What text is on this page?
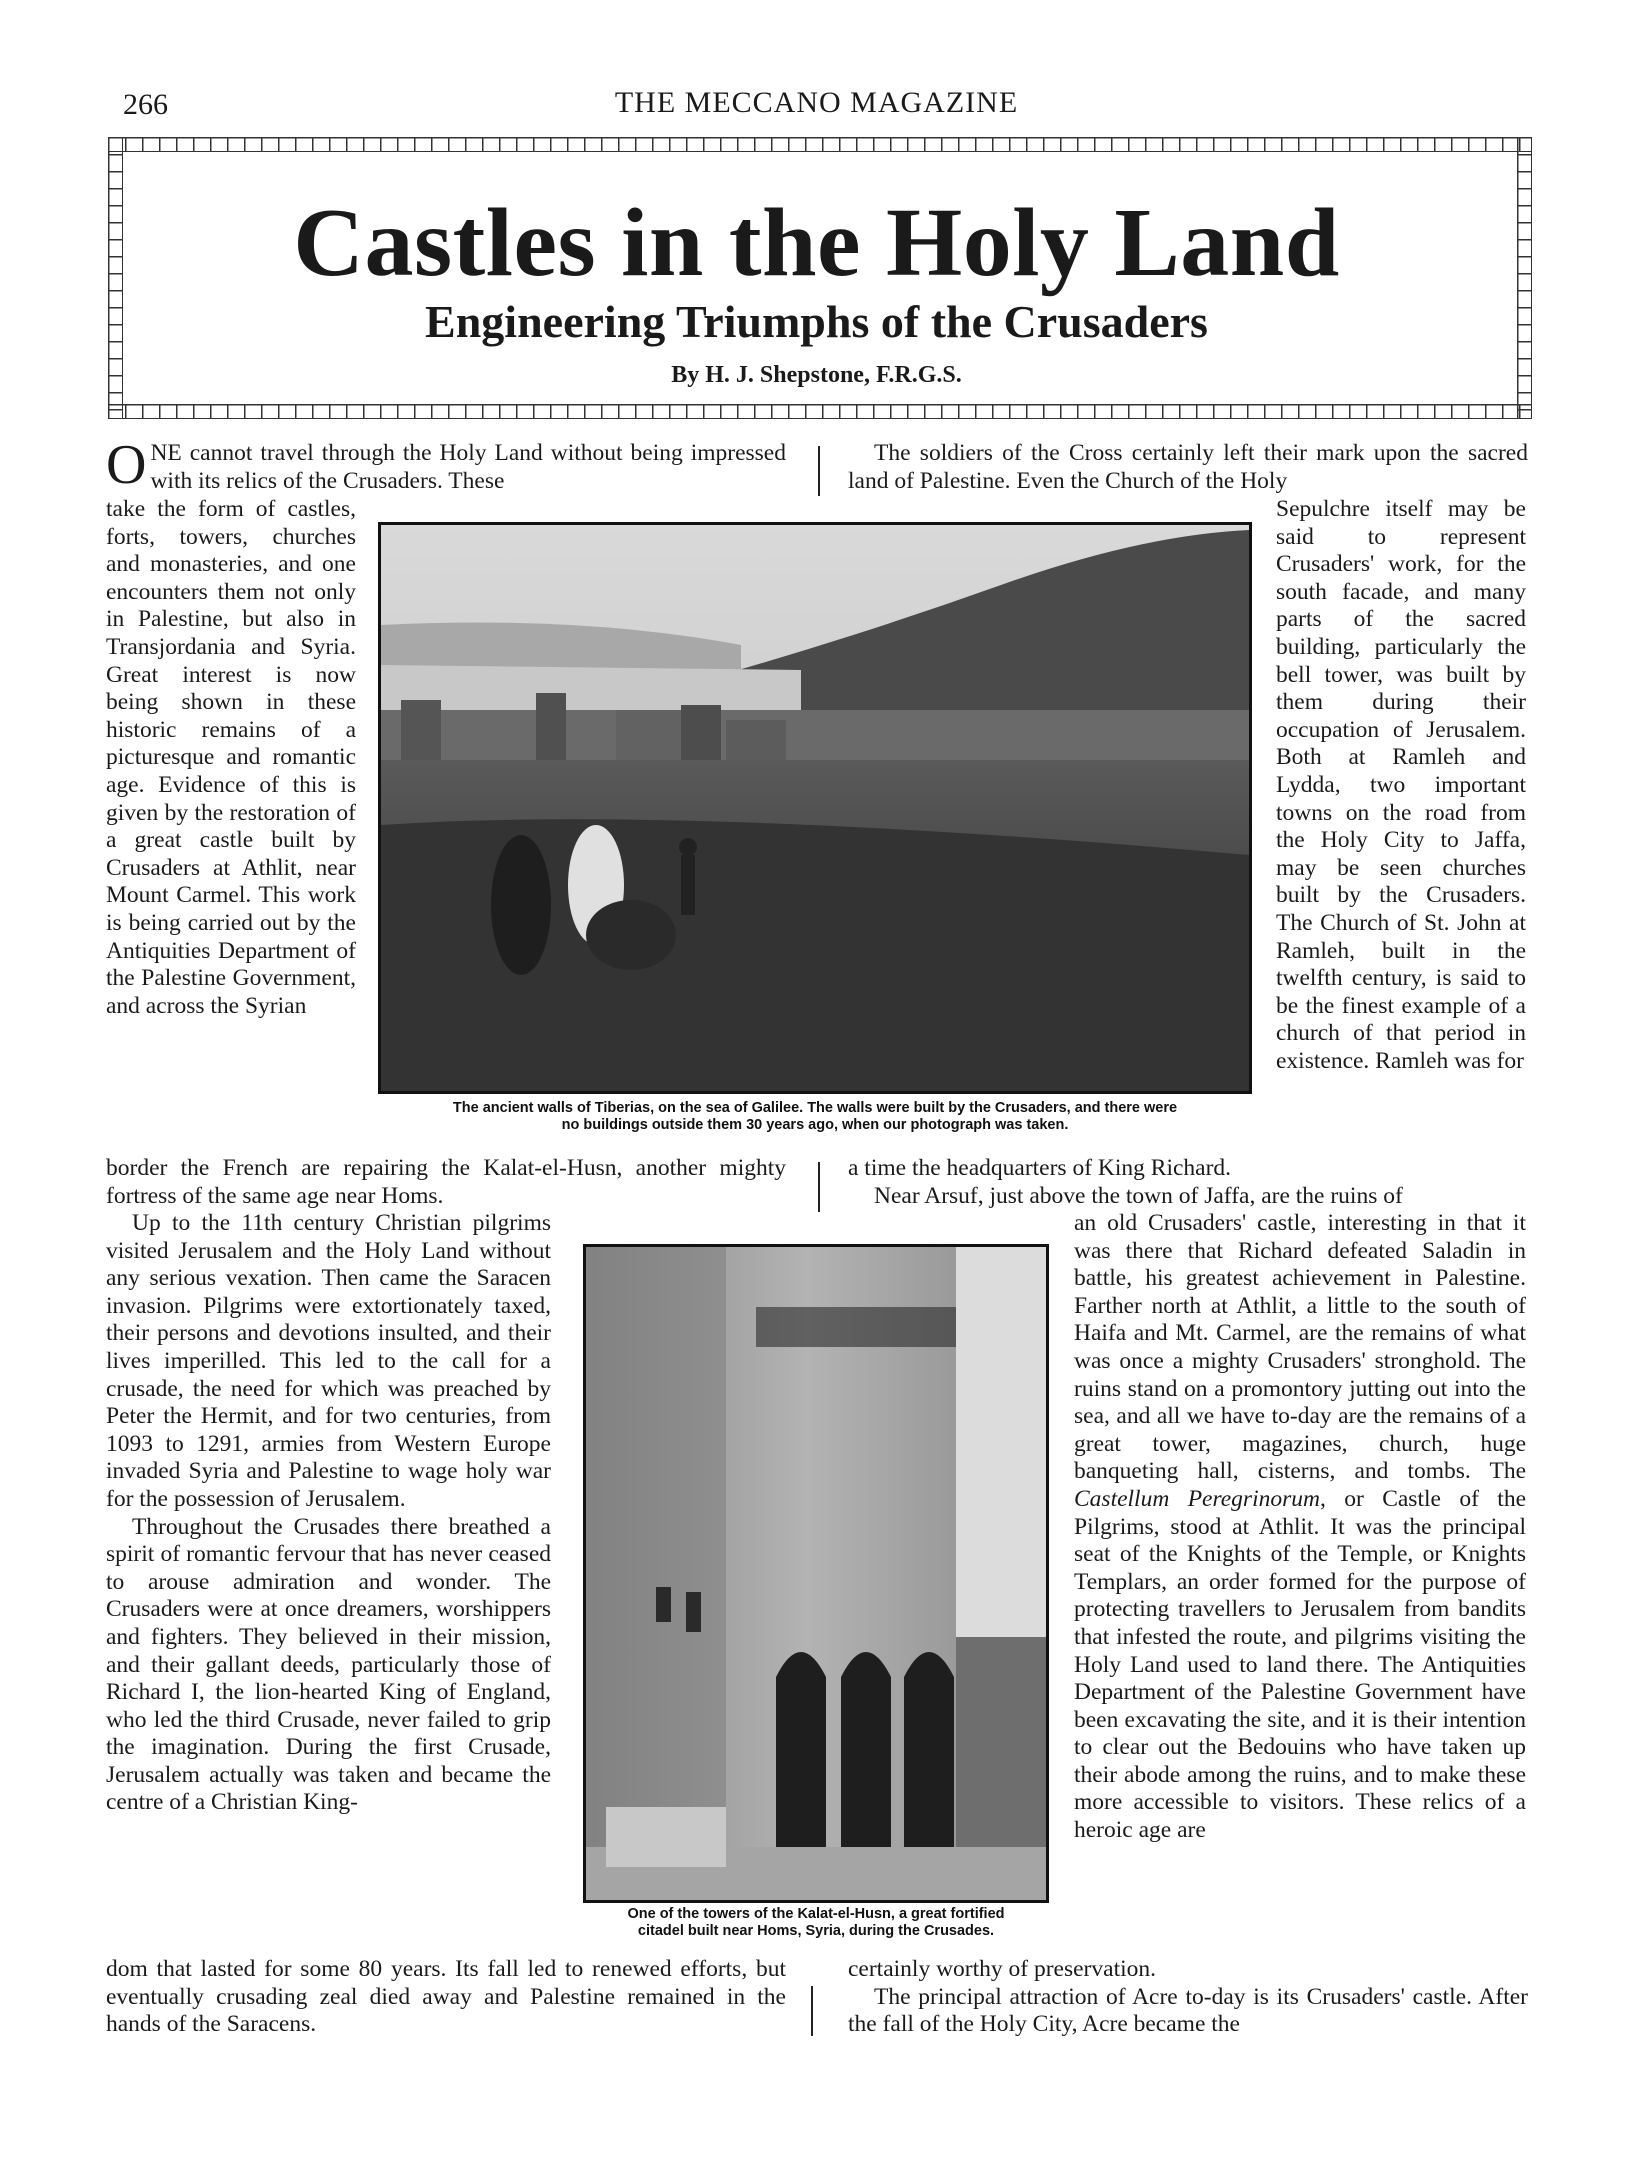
266	THE MECCANO MAGAZINE
Castles in the Holy Land
Engineering Triumphs of the Crusaders
By H. J. Shepstone, F.R.G.S.

ONE cannot travel through the Holy Land without being impressed with its relics of the Crusaders. These

take the form of castles, forts, towers, churches and monasteries, and one encounters them not only in Palestine, but also in Transjordania and Syria. Great interest is now being shown in these historic remains of a picturesque and romantic age. Evidence of this is given by the restoration of a great castle built by Crusaders at Athlit, near Mount Carmel. This work is being carried out by the Antiquities Department of the Palestine Government, and across the Syrian
border the French are repairing the Kalat-el-Husn, another mighty fortress of the same age near Homs.

Up to the 11th century Christian pilgrims visited Jerusalem and the Holy Land without any serious vexation. Then came the Saracen invasion. Pilgrims were extortionately taxed, their persons and devotions insulted, and their lives imperilled. This led to the call for a crusade, the need for which was preached by Peter the Hermit, and for two centuries, from 1093 to 1291, armies from Western Europe invaded Syria and Palestine to wage holy war for the possession of Jerusalem.

Throughout the Crusades there breathed a spirit of romantic fervour that has never ceased to arouse admiration and wonder. The Crusaders were at once dreamers, worshippers and fighters. They believed in their mission, and their gallant deeds, particularly those of Richard I, the lion-hearted King of England, who led the third Crusade, never failed to grip the imagination. During the first Crusade, Jerusalem actually was taken and became the centre of a Christian King-

dom that lasted for some 80 years. Its fall led to renewed efforts, but eventually crusading zeal died away and Palestine remained in the hands of the Saracens.

The soldiers of the Cross certainly left their mark upon the sacred land of Palestine. Even the Church of the Holy

Sepulchre itself may be said to represent Crusaders' work, for the south facade, and many parts of the sacred building, particularly the bell tower, was built by them during their occupation of Jerusalem. Both at Ramleh and Lydda, two important towns on the road from the Holy City to Jaffa, may be seen churches built by the Crusaders. The Church of St. John at Ramleh, built in the twelfth century, is said to be the finest example of a church of that period in existence. Ramleh was for

a time the headquarters of King Richard.

Near Arsuf, just above the town of Jaffa, are the ruins of

an old Crusaders' castle, interesting in that it was there that Richard defeated Saladin in battle, his greatest achievement in Palestine. Farther north at Athlit, a little to the south of Haifa and Mt. Carmel, are the remains of what was once a mighty Crusaders' stronghold. The ruins stand on a promontory jutting out into the sea, and all we have to-day are the remains of a great tower, magazines, church, huge banqueting hall, cisterns, and tombs. The Castellum Peregrinorum, or Castle of the Pilgrims, stood at Athlit. It was the principal seat of the Knights of the Temple, or Knights Templars, an order formed for the purpose of protecting travellers to Jerusalem from bandits that infested the route, and pilgrims visiting the Holy Land used to land there. The Antiquities Department of the Palestine Government have been excavating the site, and it is their intention to clear out the Bedouins who have taken up their abode among the ruins, and to make these more accessible to visitors. These relics of a heroic age are

certainly worthy of preservation.

The principal attraction of Acre to-day is its Crusaders' castle. After the fall of the Holy City, Acre became the

The ancient walls of Tiberias, on the sea of Galilee. The walls were built by the Crusaders, and there were
no buildings outside them 30 years ago, when our photograph was taken.

One of the towers of the Kalat-el-Husn, a great fortified
citadel built near Homs, Syria, during the Crusades.
